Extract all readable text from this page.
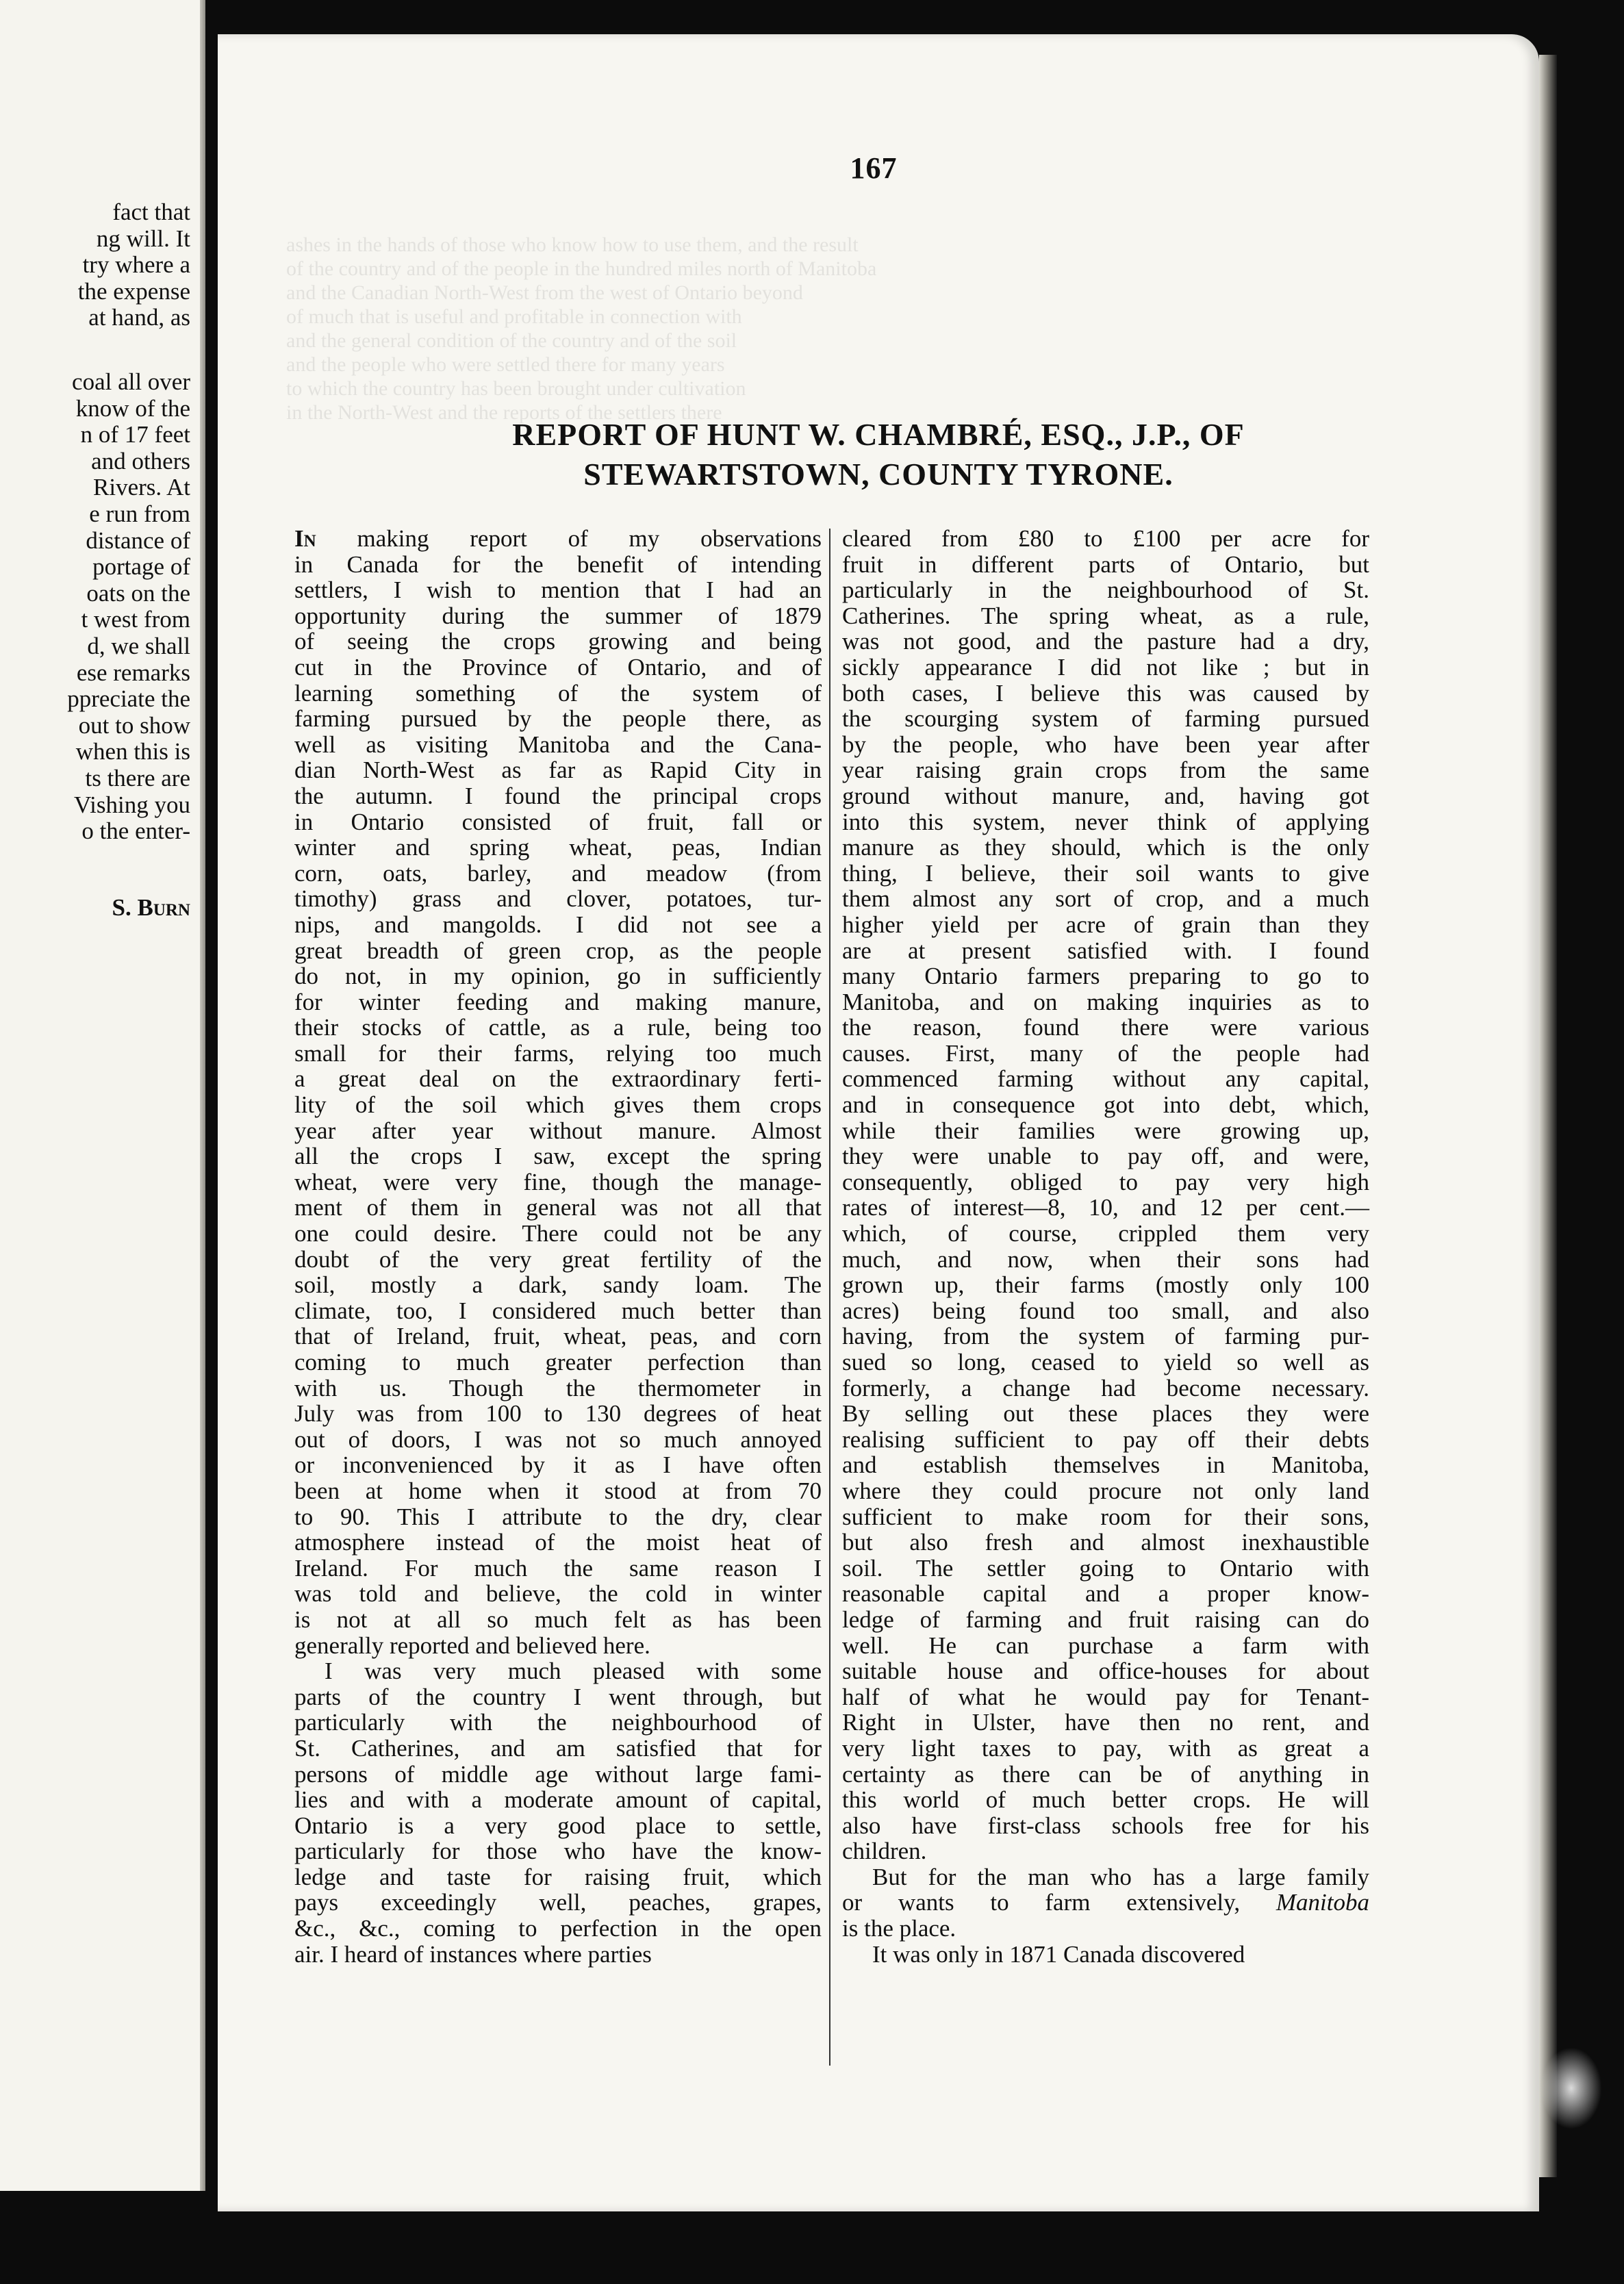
fact that
ng will. It
try where a
the expense
at hand, as
coal all over
know of the
n of 17 feet
and others
Rivers. At
e run from
distance of
portage of
oats on the
t west from
d, we shall
ese remarks
ppreciate the
out to show
when this is
ts there are
Vishing you
o the enter-
S. Burn
167
ashes in the hands of those who know how to use them, and the result
of the country and of the people in the hundred miles north of Manitoba
and the Canadian North-West from the west of Ontario beyond
of much that is useful and profitable in connection with
and the general condition of the country and of the soil
and the people who were settled there for many years
to which the country has been brought under cultivation
in the North-West and the reports of the settlers there
REPORT OF HUNT W. CHAMBRÉ, ESQ., J.P., OF
STEWARTSTOWN, COUNTY TYRONE.
In making report of my observations
in Canada for the benefit of intending
settlers, I wish to mention that I had an
opportunity during the summer of 1879
of seeing the crops growing and being
cut in the Province of Ontario, and of
learning something of the system of
farming pursued by the people there, as
well as visiting Manitoba and the Cana-
dian North-West as far as Rapid City in
the autumn. I found the principal crops
in Ontario consisted of fruit, fall or
winter and spring wheat, peas, Indian
corn, oats, barley, and meadow (from
timothy) grass and clover, potatoes, tur-
nips, and mangolds. I did not see a
great breadth of green crop, as the people
do not, in my opinion, go in sufficiently
for winter feeding and making manure,
their stocks of cattle, as a rule, being too
small for their farms, relying too much
a great deal on the extraordinary ferti-
lity of the soil which gives them crops
year after year without manure. Almost
all the crops I saw, except the spring
wheat, were very fine, though the manage-
ment of them in general was not all that
one could desire. There could not be any
doubt of the very great fertility of the
soil, mostly a dark, sandy loam. The
climate, too, I considered much better than
that of Ireland, fruit, wheat, peas, and corn
coming to much greater perfection than
with us. Though the thermometer in
July was from 100 to 130 degrees of heat
out of doors, I was not so much annoyed
or inconvenienced by it as I have often
been at home when it stood at from 70
to 90. This I attribute to the dry, clear
atmosphere instead of the moist heat of
Ireland. For much the same reason I
was told and believe, the cold in winter
is not at all so much felt as has been
generally reported and believed here.
I was very much pleased with some
parts of the country I went through, but
particularly with the neighbourhood of
St. Catherines, and am satisfied that for
persons of middle age without large fami-
lies and with a moderate amount of capital,
Ontario is a very good place to settle,
particularly for those who have the know-
ledge and taste for raising fruit, which
pays exceedingly well, peaches, grapes,
&c., &c., coming to perfection in the open
air. I heard of instances where parties
cleared from £80 to £100 per acre for
fruit in different parts of Ontario, but
particularly in the neighbourhood of St.
Catherines. The spring wheat, as a rule,
was not good, and the pasture had a dry,
sickly appearance I did not like ; but in
both cases, I believe this was caused by
the scourging system of farming pursued
by the people, who have been year after
year raising grain crops from the same
ground without manure, and, having got
into this system, never think of applying
manure as they should, which is the only
thing, I believe, their soil wants to give
them almost any sort of crop, and a much
higher yield per acre of grain than they
are at present satisfied with. I found
many Ontario farmers preparing to go to
Manitoba, and on making inquiries as to
the reason, found there were various
causes. First, many of the people had
commenced farming without any capital,
and in consequence got into debt, which,
while their families were growing up,
they were unable to pay off, and were,
consequently, obliged to pay very high
rates of interest—8, 10, and 12 per cent.—
which, of course, crippled them very
much, and now, when their sons had
grown up, their farms (mostly only 100
acres) being found too small, and also
having, from the system of farming pur-
sued so long, ceased to yield so well as
formerly, a change had become necessary.
By selling out these places they were
realising sufficient to pay off their debts
and establish themselves in Manitoba,
where they could procure not only land
sufficient to make room for their sons,
but also fresh and almost inexhaustible
soil. The settler going to Ontario with
reasonable capital and a proper know-
ledge of farming and fruit raising can do
well. He can purchase a farm with
suitable house and office-houses for about
half of what he would pay for Tenant-
Right in Ulster, have then no rent, and
very light taxes to pay, with as great a
certainty as there can be of anything in
this world of much better crops. He will
also have first-class schools free for his
children.
But for the man who has a large family
or wants to farm extensively, Manitoba
is the place.
It was only in 1871 Canada discovered
